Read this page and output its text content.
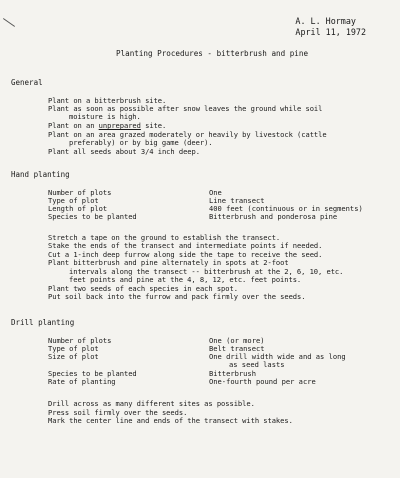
A. L. Hormay
April 11, 1972
Planting Procedures - bitterbrush and pine
General
Plant on a bitterbrush site.
Plant as soon as possible after snow leaves the ground while soil
moisture is high.
Plant on an unprepared site.
Plant on an area grazed moderately or heavily by livestock (cattle
preferably) or by big game (deer).
Plant all seeds about 3/4 inch deep.
Hand planting
Number of plots	One
Type of plot	Line transect
Length of plot	400 feet (continuous or in segments)
Species to be planted	Bitterbrush and ponderosa pine
Stretch a tape on the ground to establish the transect.
Stake the ends of the transect and intermediate points if needed.
Cut a 1-inch deep furrow along side the tape to receive the seed.
Plant bitterbrush and pine alternately in spots at 2-foot
intervals along the transect -- bitterbrush at the 2, 6, 10, etc.
feet points and pine at the 4, 8, 12, etc. feet points.
Plant two seeds of each species in each spot.
Put soil back into the furrow and pack firmly over the seeds.
Drill planting
Number of plots	One (or more)
Type of plot	Belt transect
Size of plot	One drill width wide and as long
as seed lasts
Species to be planted	Bitterbrush
Rate of planting	One-fourth pound per acre
Drill across as many different sites as possible.
Press soil firmly over the seeds.
Mark the center line and ends of the transect with stakes.
